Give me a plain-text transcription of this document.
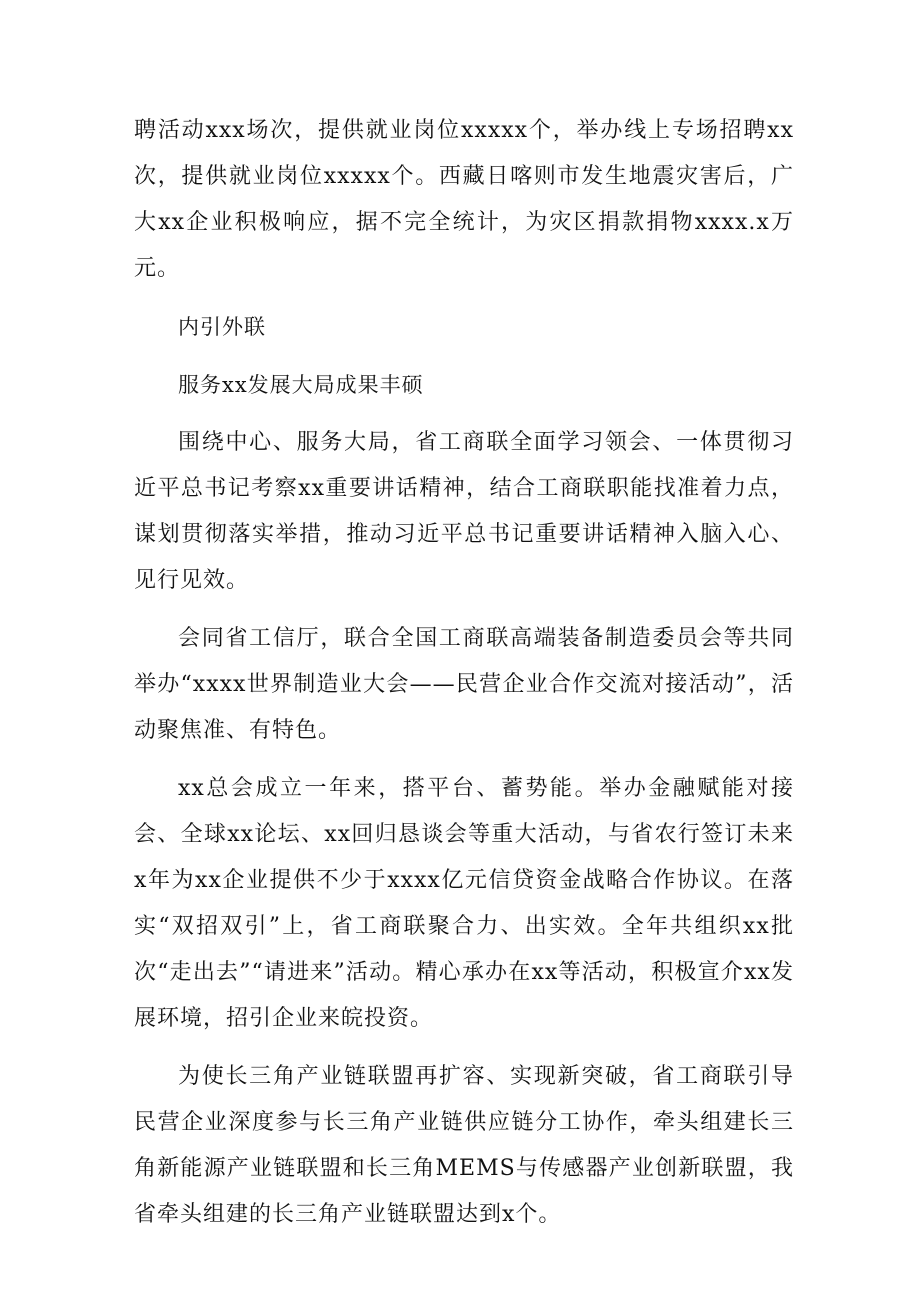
聘活动xxx场次，提供就业岗位xxxxx个，举办线上专场招聘xx次，提供就业岗位xxxxx个。西藏日喀则市发生地震灾害后，广大xx企业积极响应，据不完全统计，为灾区捐款捐物xxxx.x万元。

内引外联

服务xx发展大局成果丰硕

围绕中心、服务大局，省工商联全面学习领会、一体贯彻习近平总书记考察xx重要讲话精神，结合工商联职能找准着力点，谋划贯彻落实举措，推动习近平总书记重要讲话精神入脑入心、见行见效。

会同省工信厅，联合全国工商联高端装备制造委员会等共同举办“xxxx世界制造业大会——民营企业合作交流对接活动”，活动聚焦准、有特色。

xx总会成立一年来，搭平台、蓄势能。举办金融赋能对接会、全球xx论坛、xx回归恳谈会等重大活动，与省农行签订未来x年为xx企业提供不少于xxxx亿元信贷资金战略合作协议。在落实“双招双引”上，省工商联聚合力、出实效。全年共组织xx批次“走出去”“请进来”活动。精心承办在xx等活动，积极宣介xx发展环境，招引企业来皖投资。

为使长三角产业链联盟再扩容、实现新突破，省工商联引导民营企业深度参与长三角产业链供应链分工协作，牵头组建长三角新能源产业链联盟和长三角MEMS与传感器产业创新联盟，我省牵头组建的长三角产业链联盟达到x个。
